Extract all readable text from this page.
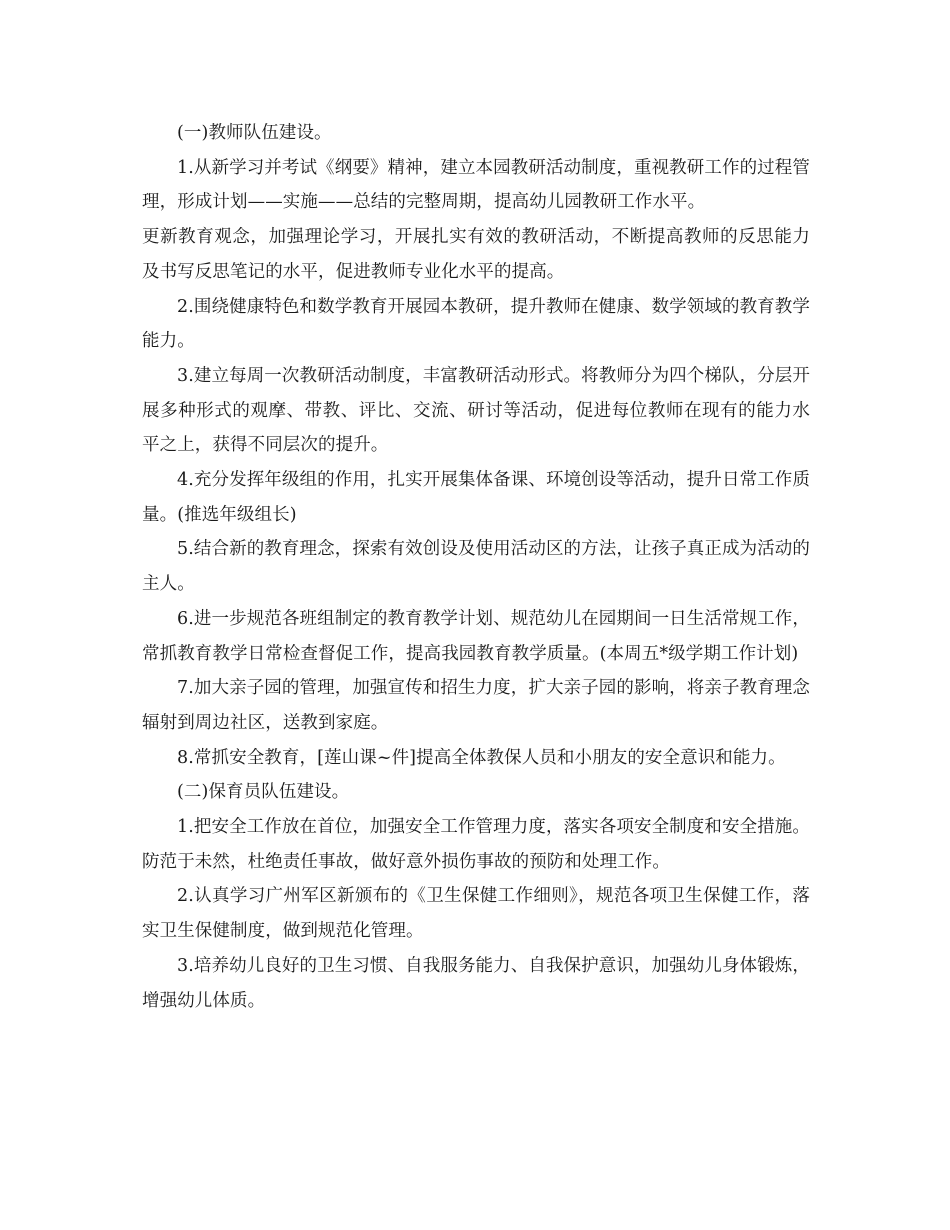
(一)教师队伍建设。

1.从新学习并考试《纲要》精神，建立本园教研活动制度，重视教研工作的过程管理，形成计划——实施——总结的完整周期，提高幼儿园教研工作水平。

更新教育观念，加强理论学习，开展扎实有效的教研活动，不断提高教师的反思能力及书写反思笔记的水平，促进教师专业化水平的提高。

2.围绕健康特色和数学教育开展园本教研，提升教师在健康、数学领域的教育教学能力。

3.建立每周一次教研活动制度，丰富教研活动形式。将教师分为四个梯队，分层开展多种形式的观摩、带教、评比、交流、研讨等活动，促进每位教师在现有的能力水平之上，获得不同层次的提升。

4.充分发挥年级组的作用，扎实开展集体备课、环境创设等活动，提升日常工作质量。(推选年级组长)

5.结合新的教育理念，探索有效创设及使用活动区的方法，让孩子真正成为活动的主人。

6.进一步规范各班组制定的教育教学计划、规范幼儿在园期间一日生活常规工作，常抓教育教学日常检查督促工作，提高我园教育教学质量。(本周五*级学期工作计划)

7.加大亲子园的管理，加强宣传和招生力度，扩大亲子园的影响，将亲子教育理念辐射到周边社区，送教到家庭。

8.常抓安全教育，[莲山课~件]提高全体教保人员和小朋友的安全意识和能力。

(二)保育员队伍建设。

1.把安全工作放在首位，加强安全工作管理力度，落实各项安全制度和安全措施。防范于未然，杜绝责任事故，做好意外损伤事故的预防和处理工作。

2.认真学习广州军区新颁布的《卫生保健工作细则》，规范各项卫生保健工作，落实卫生保健制度，做到规范化管理。

3.培养幼儿良好的卫生习惯、自我服务能力、自我保护意识，加强幼儿身体锻炼，增强幼儿体质。
